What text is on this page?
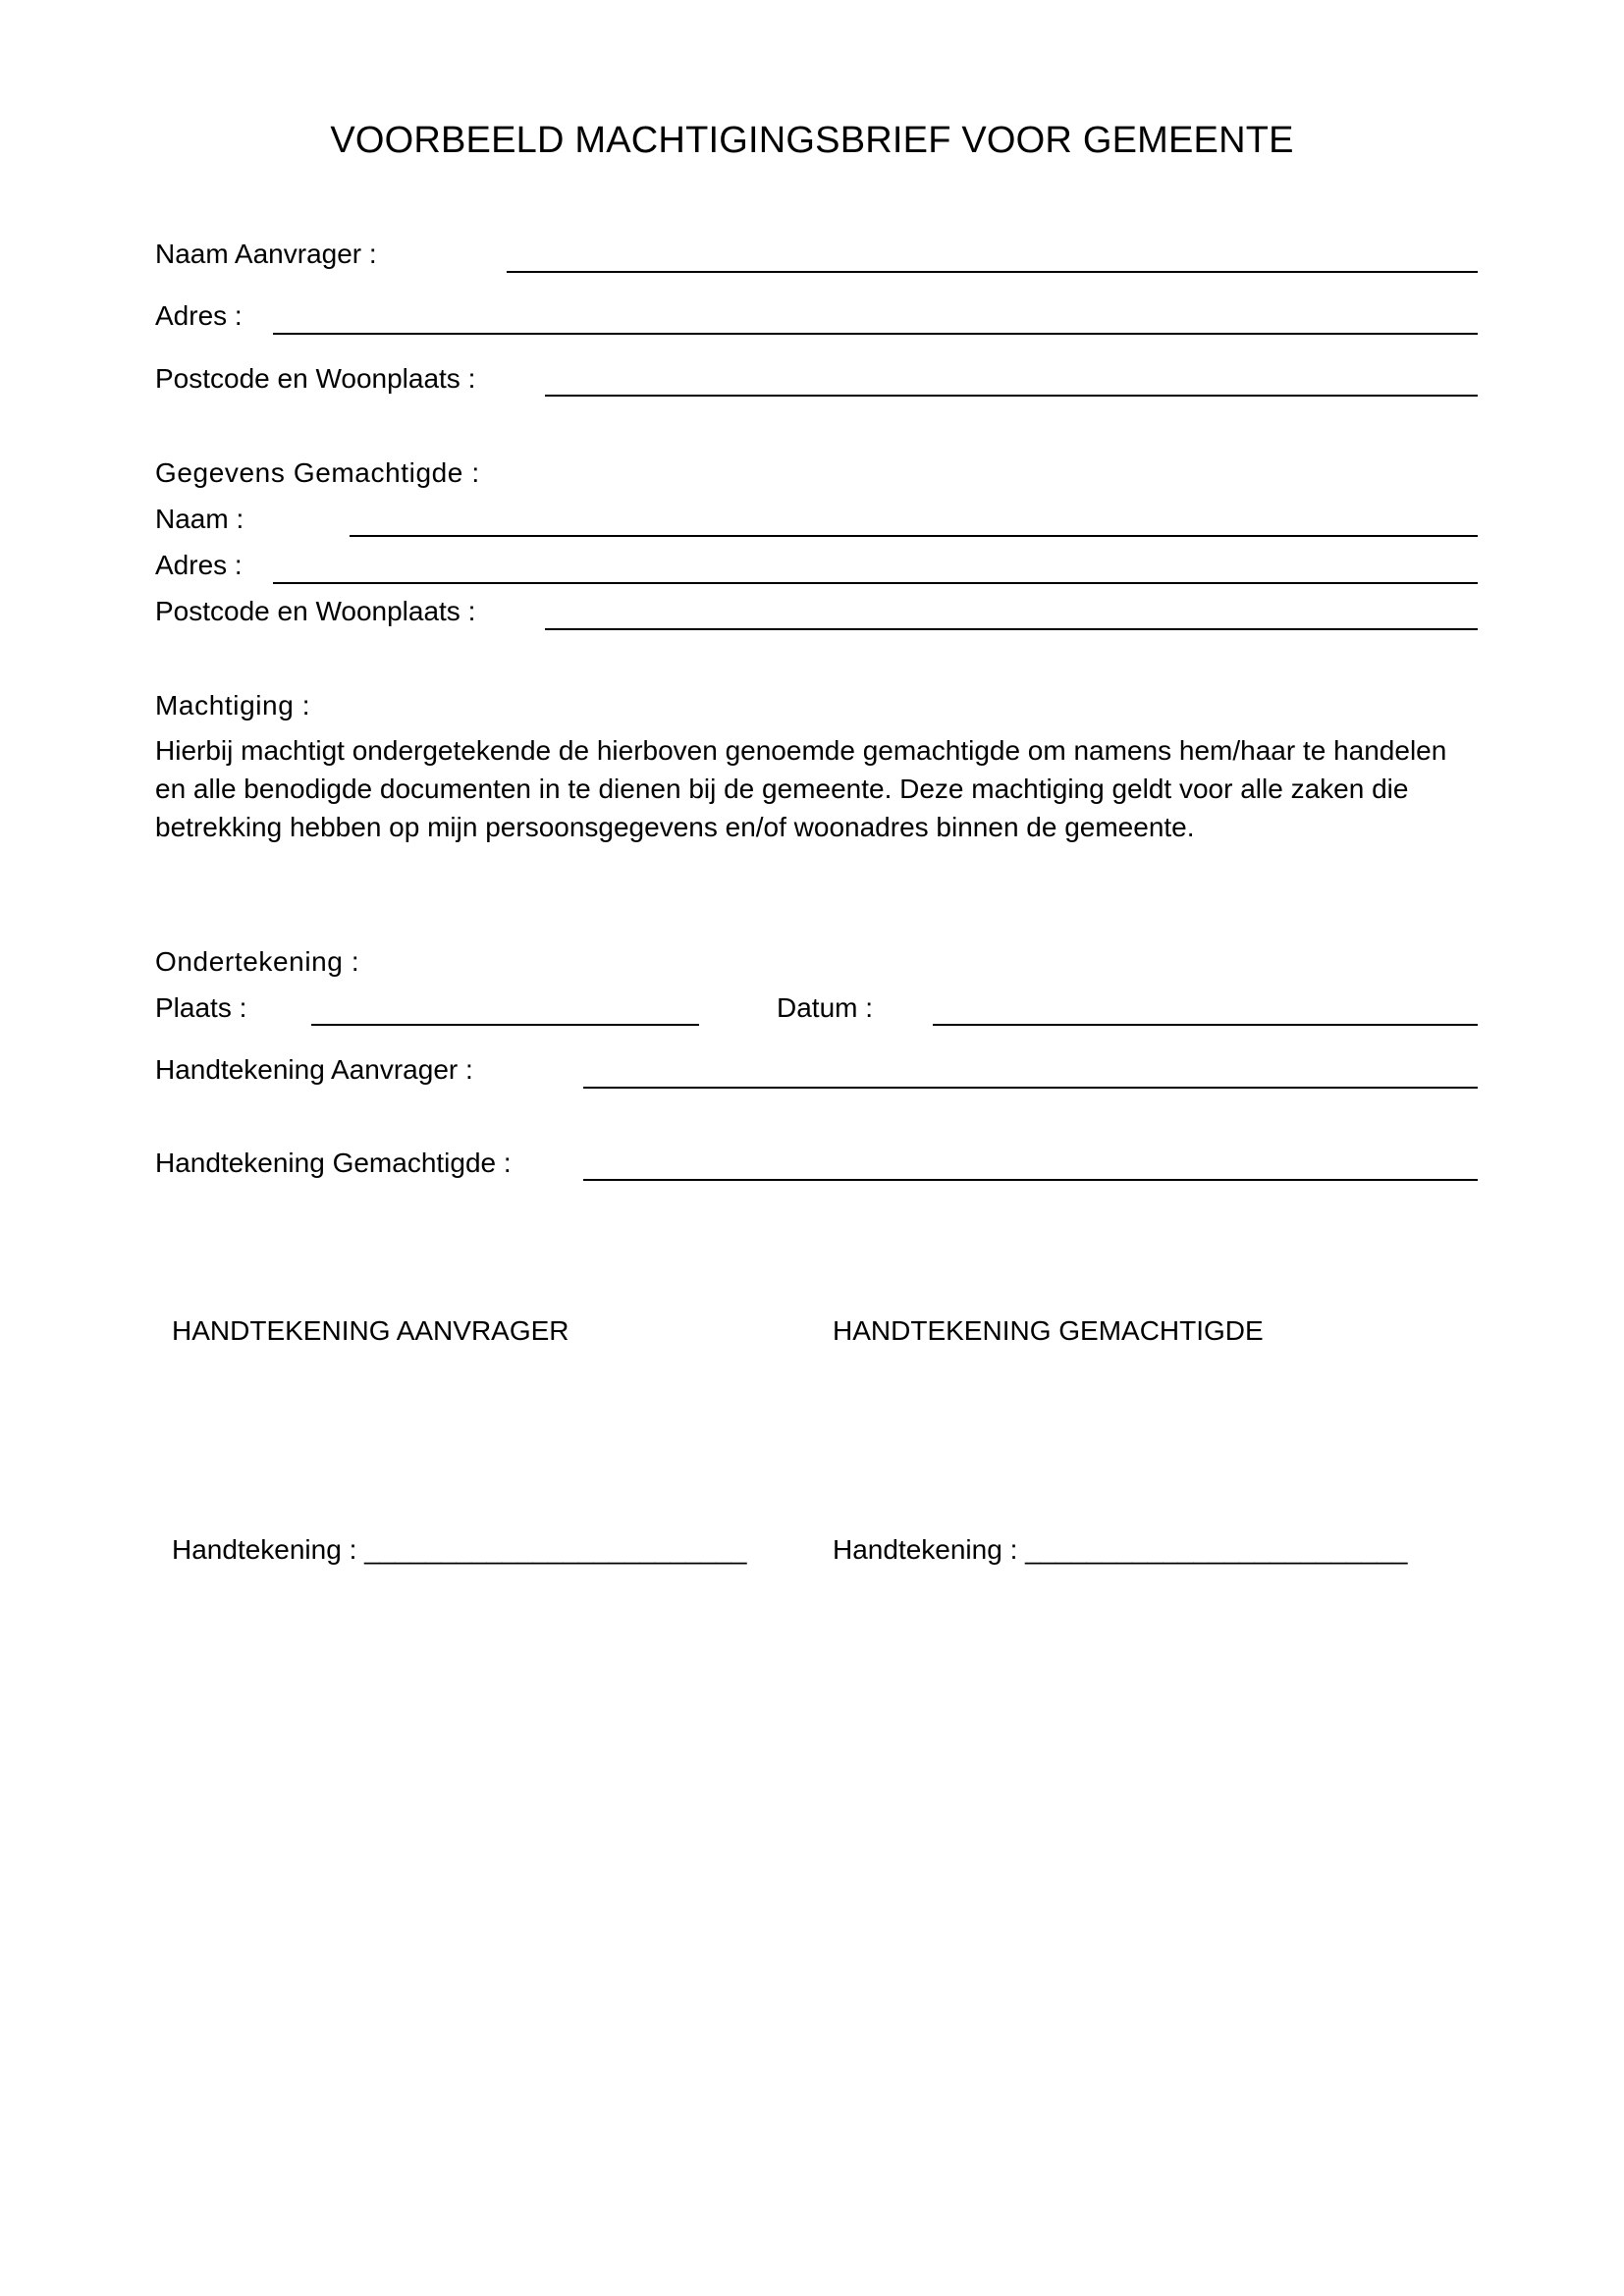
VOORBEELD MACHTIGINGSBRIEF VOOR GEMEENTE
Naam Aanvrager :
Adres :
Postcode en Woonplaats :
Gegevens Gemachtigde :
Naam :
Adres :
Postcode en Woonplaats :
Machtiging :
Hierbij machtigt ondergetekende de hierboven genoemde gemachtigde om namens hem/haar te handelen
en alle benodigde documenten in te dienen bij de gemeente. Deze machtiging geldt voor alle zaken die
betrekking hebben op mijn persoonsgegevens en/of woonadres binnen de gemeente.
Ondertekening :
Plaats :	Datum :
Handtekening Aanvrager :
Handtekening Gemachtigde :
HANDTEKENING AANVRAGER	HANDTEKENING GEMACHTIGDE
Handtekening : _________________________	Handtekening : _________________________
